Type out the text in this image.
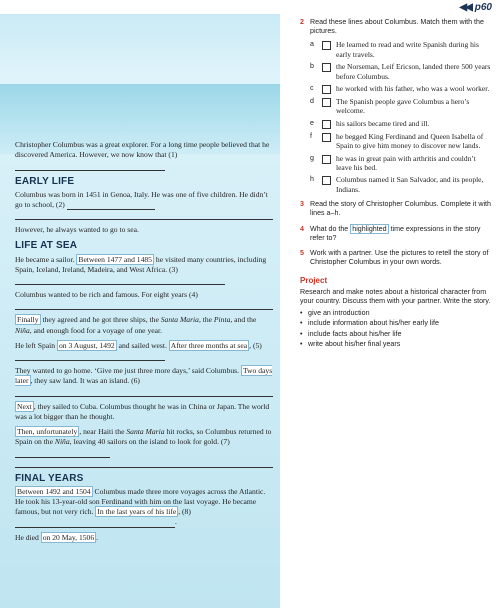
◀◀ p60

Christopher Columbus was a great explorer. For a long time people believed that he discovered America. However, we now know that (1)

EARLY LIFE

Columbus was born in 1451 in Genoa, Italy. He was one of five children. He didn’t go to school, (2)

However, he always wanted to go to sea.

LIFE AT SEA

He became a sailor. Between 1477 and 1485 he visited many countries, including Spain, Iceland, Ireland, Madeira, and West Africa. (3)

Columbus wanted to be rich and famous. For eight years (4)

Finally they agreed and he got three ships, the Santa Maria, the Pinta, and the Niña, and enough food for a voyage of one year.

He left Spain on 3 August, 1492 and sailed west. After three months at sea , (5)

They wanted to go home. ‘Give me just three more days,’ said Columbus. Two days later , they saw land. It was an island. (6)

Next , they sailed to Cuba. Columbus thought he was in China or Japan. The world was a lot bigger than he thought.

Then, unfortunately , near Haiti the Santa Maria hit rocks, so Columbus returned to Spain on the Niña, leaving 40 sailors on the island to look for gold. (7)

FINAL YEARS

Between 1492 and 1504 Columbus made three more voyages across the Atlantic. He took his 13-year-old son Ferdinand with him on the last voyage. He became famous, but not very rich. In the last years of his life , (8) .

He died on 20 May, 1506 .

2 Read these lines about Columbus. Match them with the pictures.
a	He learned to read and write Spanish during his early travels.
b	the Norseman, Leif Ericson, landed there 500 years before Columbus.
c	he worked with his father, who was a wool worker.
d	The Spanish people gave Columbus a hero’s welcome.
e	his sailors became tired and ill.
f	he begged King Ferdinand and Queen Isabella of Spain to give him money to discover new lands.
g	he was in great pain with arthritis and couldn’t leave his bed.
h	Columbus named it San Salvador, and its people, Indians.
3 Read the story of Christopher Columbus. Complete it with lines a–h.
4 What do the highlighted time expressions in the story refer to?
5 Work with a partner. Use the pictures to retell the story of Christopher Columbus in your own words.
Project
Research and make notes about a historical character from your country. Discuss them with your partner. Write the story.
• give an introduction
• include information about his/her early life
• include facts about his/her life
• write about his/her final years
